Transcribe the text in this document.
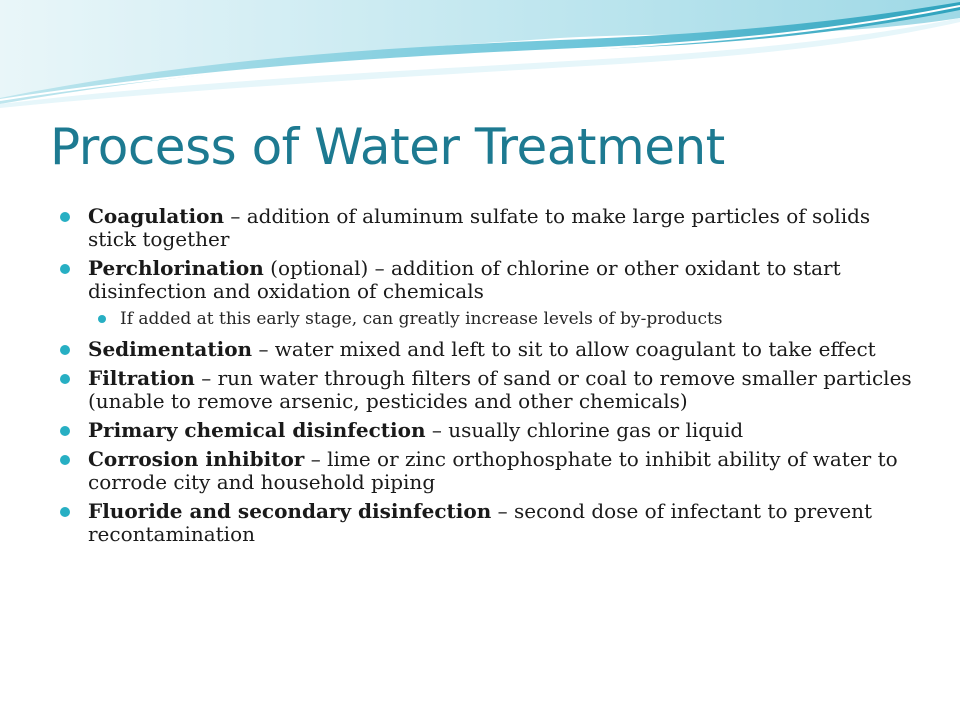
Process of Water Treatment
Coagulation – addition of aluminum sulfate to make large particles of solids stick together
Perchlorination (optional) – addition of chlorine or other oxidant to start disinfection and oxidation of chemicals
If added at this early stage, can greatly increase levels of by-products
Sedimentation – water mixed and left to sit to allow coagulant to take effect
Filtration – run water through filters of sand or coal to remove smaller particles (unable to remove arsenic, pesticides and other chemicals)
Primary chemical disinfection – usually chlorine gas or liquid
Corrosion inhibitor – lime or zinc orthophosphate to inhibit ability of water to corrode city and household piping
Fluoride and secondary disinfection – second dose of infectant to prevent recontamination
